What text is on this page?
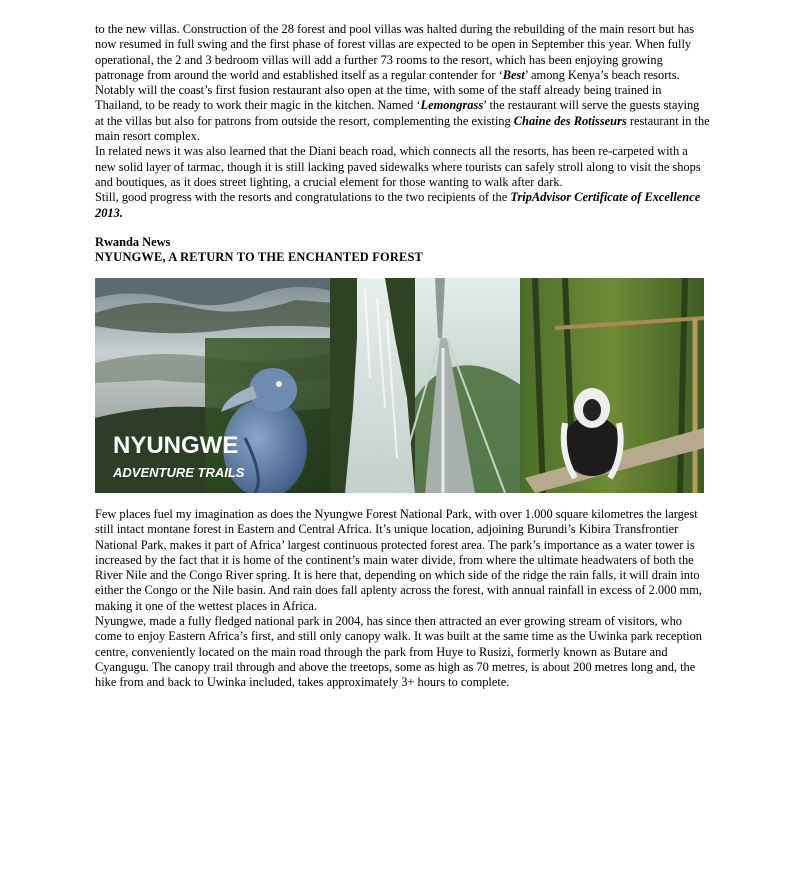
to the new villas. Construction of the 28 forest and pool villas was halted during the rebuilding of the main resort but has now resumed in full swing and the first phase of forest villas are expected to be open in September this year. When fully operational, the 2 and 3 bedroom villas will add a further 73 rooms to the resort, which has been enjoying growing patronage from around the world and established itself as a regular contender for ‘Best’ among Kenya’s beach resorts. Notably will the coast’s first fusion restaurant also open at the time, with some of the staff already being trained in Thailand, to be ready to work their magic in the kitchen. Named ‘Lemongrass’ the restaurant will serve the guests staying at the villas but also for patrons from outside the resort, complementing the existing Chaine des Rotisseurs restaurant in the main resort complex.

In related news it was also learned that the Diani beach road, which connects all the resorts, has been re-carpeted with a new solid layer of tarmac, though it is still lacking paved sidewalks where tourists can safely stroll along to visit the shops and boutiques, as it does street lighting, a crucial element for those wanting to walk after dark.

Still, good progress with the resorts and congratulations to the two recipients of the TripAdvisor Certificate of Excellence 2013.

Rwanda News
NYUNGWE, A RETURN TO THE ENCHANTED FOREST
NYUNGWE
ADVENTURE TRAILS

Few places fuel my imagination as does the Nyungwe Forest National Park, with over 1.000 square kilometres the largest still intact montane forest in Eastern and Central Africa. It’s unique location, adjoining Burundi’s Kibira Transfrontier National Park, makes it part of Africa’ largest continuous protected forest area. The park’s importance as a water tower is increased by the fact that it is home of the continent’s main water divide, from where the ultimate headwaters of both the River Nile and the Congo River spring. It is here that, depending on which side of the ridge the rain falls, it will drain into either the Congo or the Nile basin. And rain does fall aplenty across the forest, with annual rainfall in excess of 2.000 mm, making it one of the wettest places in Africa.

Nyungwe, made a fully fledged national park in 2004, has since then attracted an ever growing stream of visitors, who come to enjoy Eastern Africa’s first, and still only canopy walk. It was built at the same time as the Uwinka park reception centre, conveniently located on the main road through the park from Huye to Rusizi, formerly known as Butare and Cyangugu. The canopy trail through and above the treetops, some as high as 70 metres, is about 200 metres long and, the hike from and back to Uwinka included, takes approximately 3+ hours to complete.
